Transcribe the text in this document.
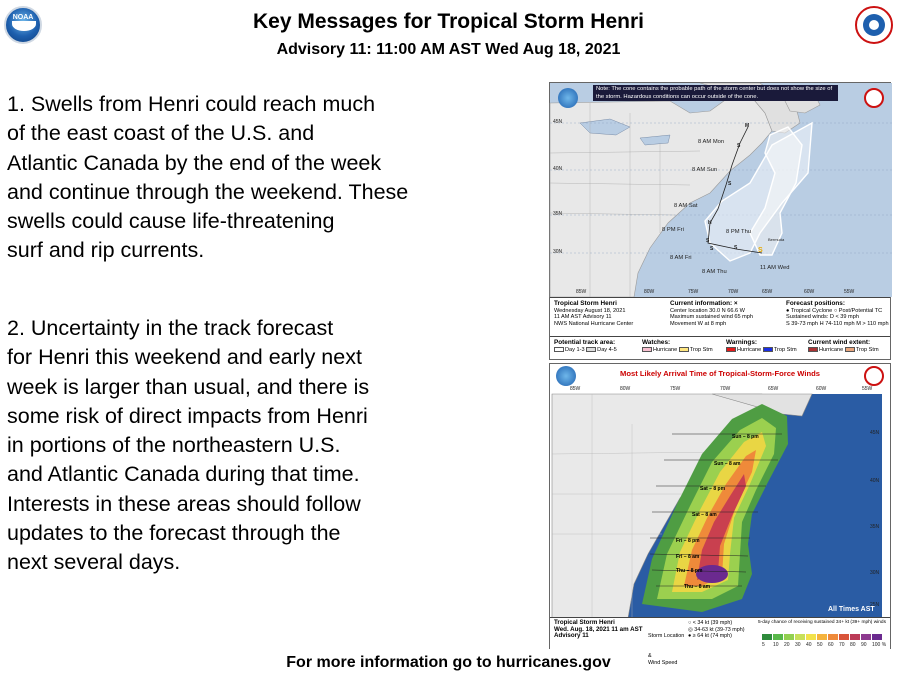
NOAA	Key Messages for Tropical Storm Henri
Advisory 11: 11:00 AM AST Wed Aug 18, 2021
1. Swells from Henri could reach much
of the east coast of the U.S. and
Atlantic Canada by the end of the week
and continue through the weekend. These
swells could cause life-threatening
surf and rip currents.
2. Uncertainty in the track forecast
for Henri this weekend and early next
week is larger than usual, and there is
some risk of direct impacts from Henri
in portions of the northeastern U.S.
and Atlantic Canada during that time.
Interests in these areas should follow
updates to the forecast through the
next several days.
Note: The cone contains the probable path of the storm center but does not show the size of the storm. Hazardous conditions can occur outside of the cone.
45N
40N
35N
30N
85W	80W	75W	70W	65W	60W	55W
8 AM Mon
8 AM Sun
8 AM Sat
8 PM Fri
8 AM Fri
8 AM Thu
8 PM Thu
11 AM Wed
Bermuda
M
S
S
H
S
S	S	S
Tropical Storm Henri
Wednesday August 18, 2021
11 AM AST Advisory 11
NWS National Hurricane Center
Current information: ×
Center location 30.0 N 66.6 W
Maximum sustained wind 65 mph
Movement W at 8 mph
Forecast positions:
● Tropical Cyclone ○ Post/Potential TC
Sustained winds: D < 39 mph
S 39-73 mph H 74-110 mph M > 110 mph
Potential track area:
Day 1-3 Day 4-5
Watches:
Hurricane Trop Stm
Warnings:
Hurricane Trop Stm
Current wind extent:
Hurricane Trop Stm
Most Likely Arrival Time of Tropical-Storm-Force Winds
85W	80W	75W	70W	65W	60W	55W
Sun – 8 pm
Sun – 8 am
Sat – 8 pm
Sat – 8 am
Fri – 8 pm
Fri – 8 am
Thu – 8 pm
Thu – 8 am
All Times AST
45N
40N
35N
30N
25N
Tropical Storm Henri
Wed. Aug. 18, 2021 11 am AST
Advisory 11

	Storm Location

&
Wind Speed

○ < 34 kt (39 mph)
◎ 34-63 kt (39-73 mph)
● ≥ 64 kt (74 mph)
5-day chance of receiving sustained 34+ kt (39+ mph) winds
5 10 20 30 40 50 60 70 80 90 100 %
For more information go to hurricanes.gov
